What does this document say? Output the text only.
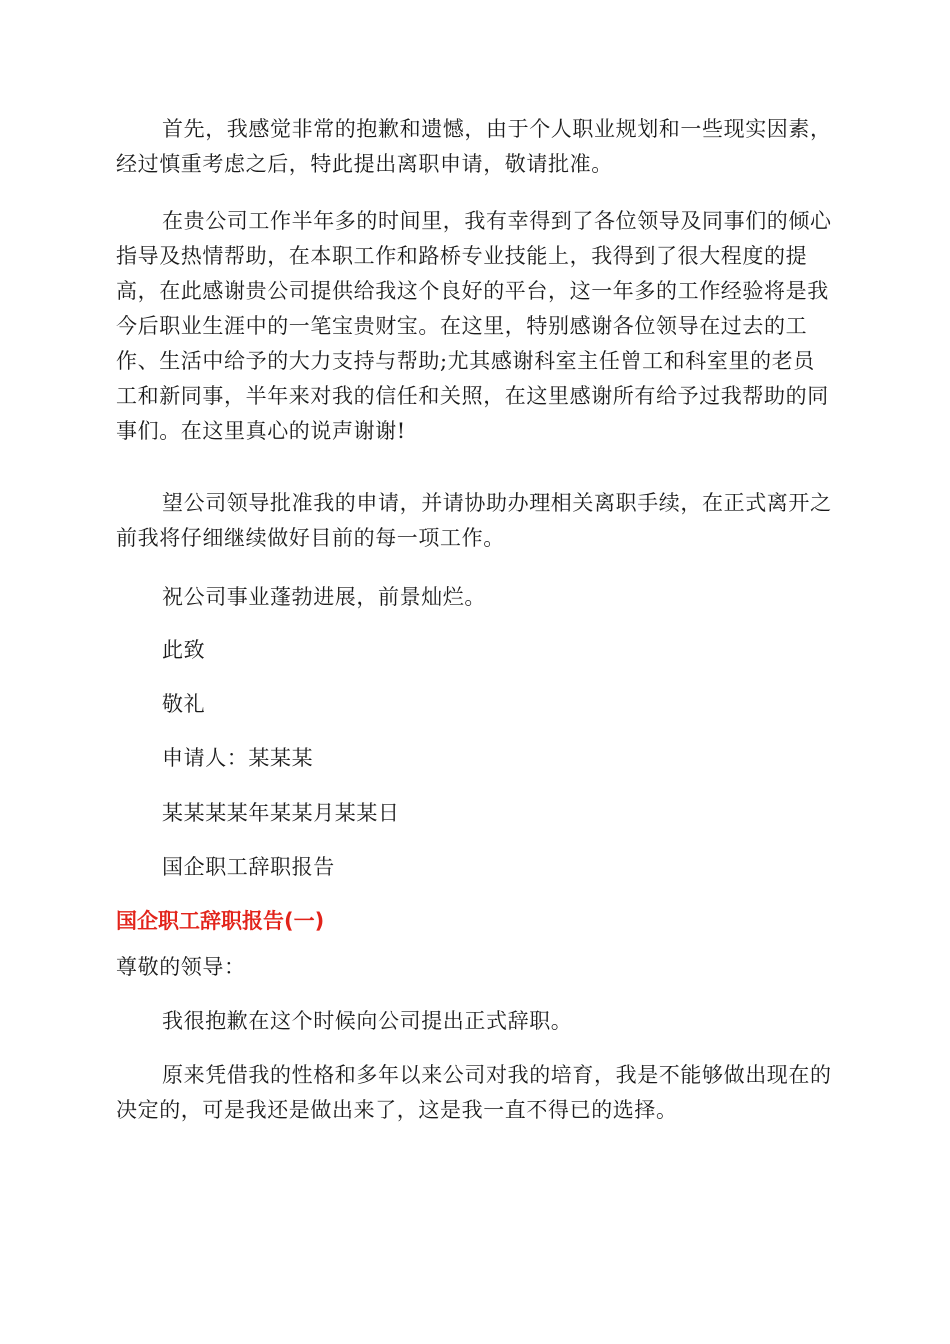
首先，我感觉非常的抱歉和遗憾，由于个人职业规划和一些现实因素，经过慎重考虑之后，特此提出离职申请，敬请批准。

在贵公司工作半年多的时间里，我有幸得到了各位领导及同事们的倾心指导及热情帮助，在本职工作和路桥专业技能上，我得到了很大程度的提高，在此感谢贵公司提供给我这个良好的平台，这一年多的工作经验将是我今后职业生涯中的一笔宝贵财宝。在这里，特别感谢各位领导在过去的工作、生活中给予的大力支持与帮助;尤其感谢科室主任曾工和科室里的老员工和新同事，半年来对我的信任和关照，在这里感谢所有给予过我帮助的同事们。在这里真心的说声谢谢!

望公司领导批准我的申请，并请协助办理相关离职手续，在正式离开之前我将仔细继续做好目前的每一项工作。

祝公司事业蓬勃进展，前景灿烂。

此致

敬礼

申请人：某某某

某某某某年某某月某某日

国企职工辞职报告

国企职工辞职报告(一)

尊敬的领导：

我很抱歉在这个时候向公司提出正式辞职。

原来凭借我的性格和多年以来公司对我的培育，我是不能够做出现在的决定的，可是我还是做出来了，这是我一直不得已的选择。
